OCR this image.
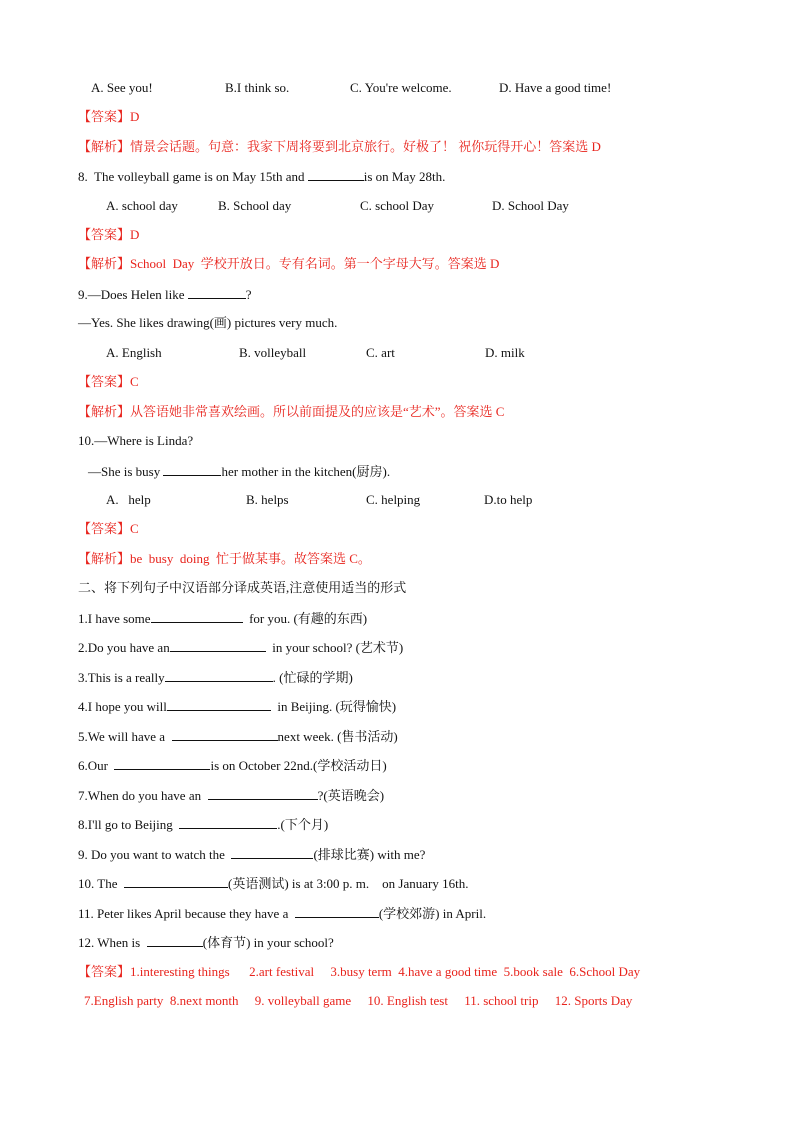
A. See you!	B.I think so.	C. You're welcome.	D. Have a good time!
【答案】D
【解析】情景会话题。句意：我家下周将要到北京旅行。好极了！ 祝你玩得开心！答案选 D
8.  The volleyball game is on May 15th and	is on May 28th.
A. school day	B. School day	C. school Day	D. School Day
【答案】D
【解析】School  Day  学校开放日。专有名词。第一个字母大写。答案选 D
9.—Does Helen like	?
—Yes. She likes drawing(画) pictures very much.
A. English	B. volleyball	C. art	D. milk
【答案】C
【解析】从答语她非常喜欢绘画。所以前面提及的应该是“艺术”。答案选 C
10.—Where is Linda?
—She is busy	her mother in the kitchen(厨房).
A.   help	B. helps	C. helping	D.to help
【答案】C
【解析】be  busy  doing  忙于做某事。故答案选 C。
二、将下列句子中汉语部分译成英语,注意使用适当的形式
1.I have some	for you. (有趣的东西)
2.Do you have an	in your school? (艺术节)
3.This is a really	. (忙碌的学期)
4.I hope you will	in Beijing. (玩得愉快)
5.We will have a	next week. (售书活动)
6.Our	is on October 22nd.(学校活动日)
7.When do you have an	?(英语晚会)
8.I'll go to Beijing	.(下个月)
9. Do you want to watch the	(排球比赛) with me?
10. The	(英语测试) is at 3:00 p. m.    on January 16th.
11. Peter likes April because they have a	(学校郊游) in April.
12. When is	(体育节) in your school?
【答案】1.interesting things      2.art festival     3.busy term  4.have a good time  5.book sale  6.School Day
7.English party  8.next month     9. volleyball game     10. English test     11. school trip     12. Sports Day
